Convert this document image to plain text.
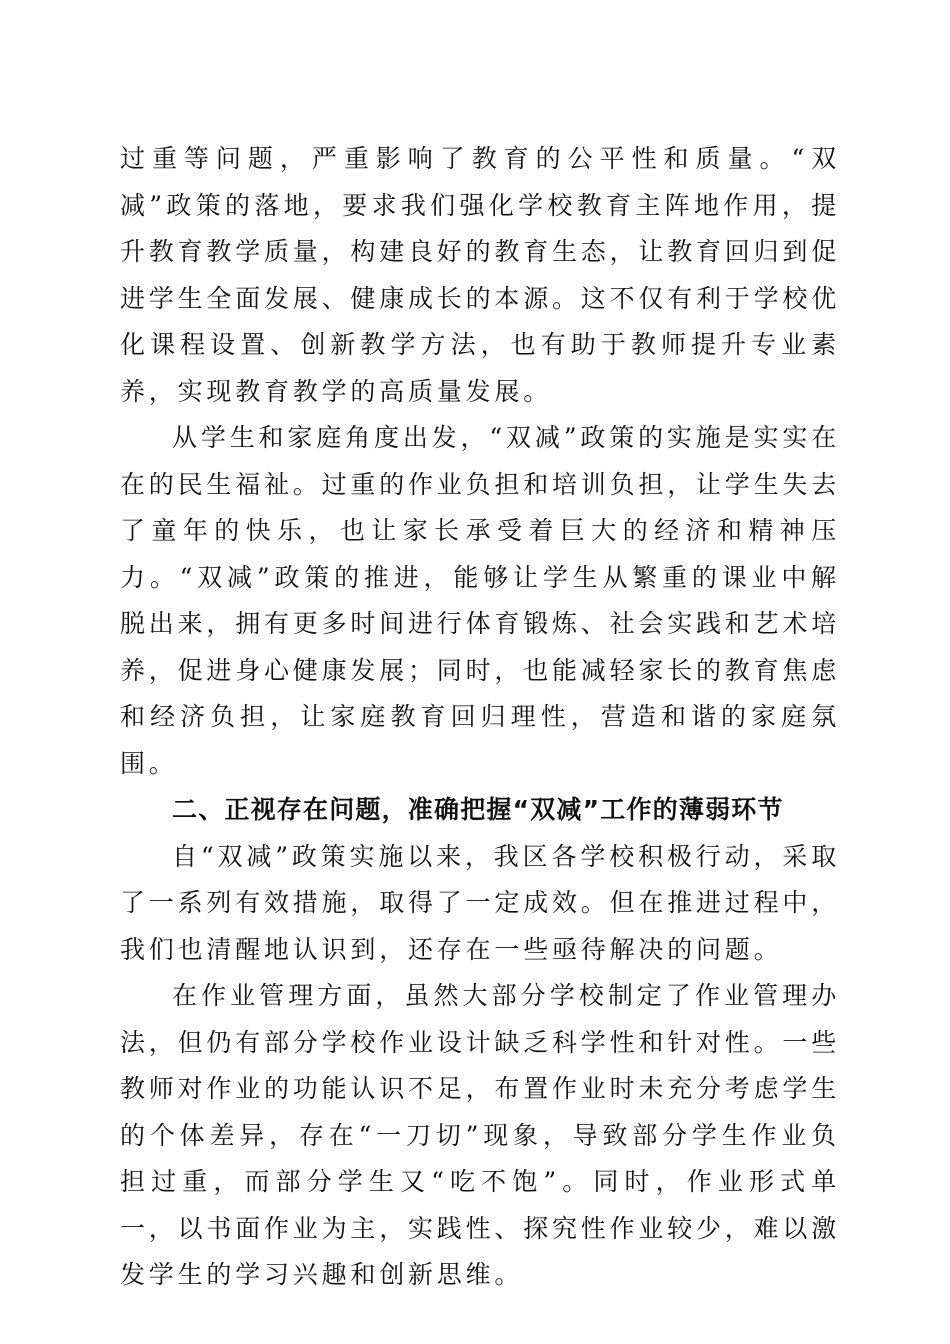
过重等问题，严重影响了教育的公平性和质量。“双减”政策的落地，要求我们强化学校教育主阵地作用，提升教育教学质量，构建良好的教育生态，让教育回归到促进学生全面发展、健康成长的本源。这不仅有利于学校优化课程设置、创新教学方法，也有助于教师提升专业素养，实现教育教学的高质量发展。

从学生和家庭角度出发，“双减”政策的实施是实实在在的民生福祉。过重的作业负担和培训负担，让学生失去了童年的快乐，也让家长承受着巨大的经济和精神压力。“双减”政策的推进，能够让学生从繁重的课业中解脱出来，拥有更多时间进行体育锻炼、社会实践和艺术培养，促进身心健康发展；同时，也能减轻家长的教育焦虑和经济负担，让家庭教育回归理性，营造和谐的家庭氛围。

二、正视存在问题，准确把握“双减”工作的薄弱环节

自“双减”政策实施以来，我区各学校积极行动，采取了一系列有效措施，取得了一定成效。但在推进过程中，我们也清醒地认识到，还存在一些亟待解决的问题。

在作业管理方面，虽然大部分学校制定了作业管理办法，但仍有部分学校作业设计缺乏科学性和针对性。一些教师对作业的功能认识不足，布置作业时未充分考虑学生的个体差异，存在“一刀切”现象，导致部分学生作业负担过重，而部分学生又“吃不饱”。同时，作业形式单一，以书面作业为主，实践性、探究性作业较少，难以激发学生的学习兴趣和创新思维。
